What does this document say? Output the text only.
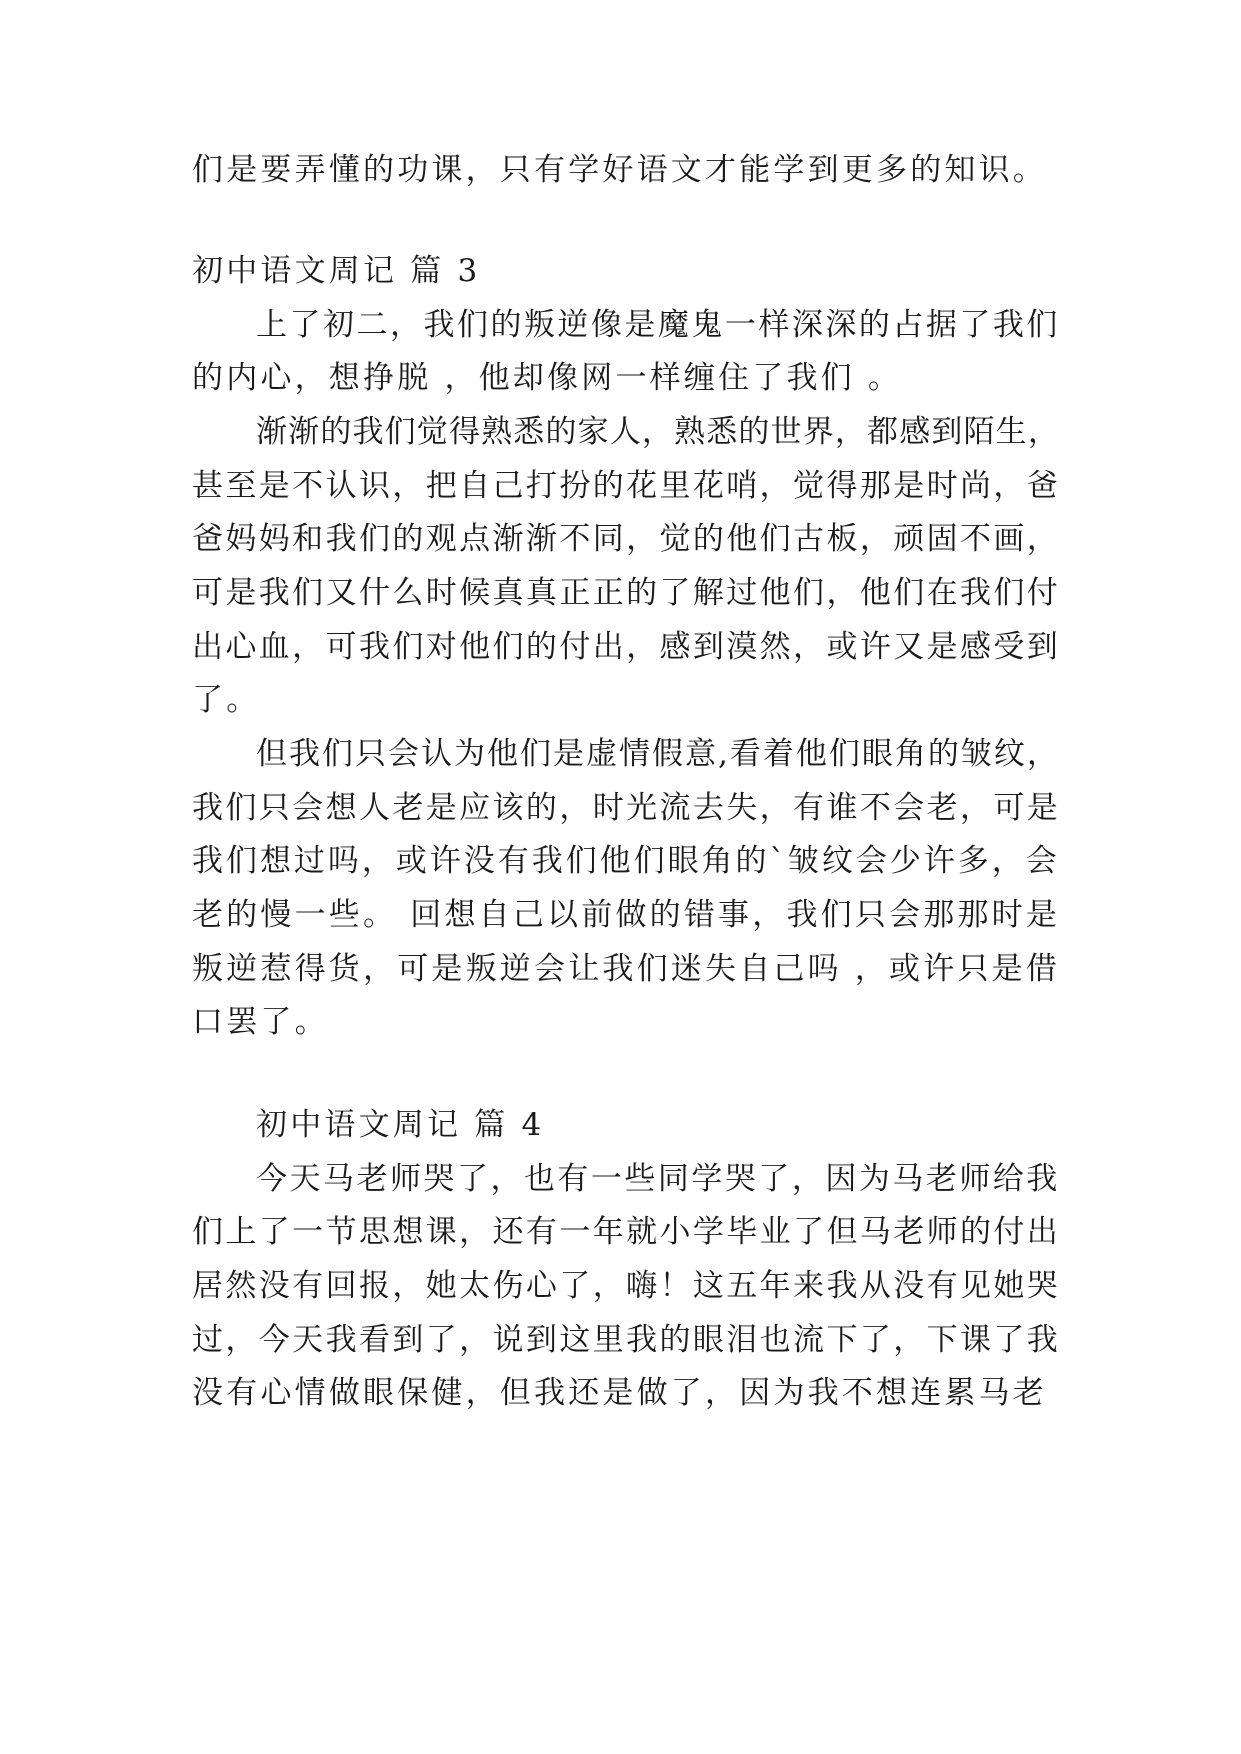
们是要弄懂的功课，只有学好语文才能学到更多的知识。
初中语文周记 篇 3
上了初二，我们的叛逆像是魔鬼一样深深的占据了我们
的内心，想挣脱 ，他却像网一样缠住了我们 。
渐渐的我们觉得熟悉的家人，熟悉的世界，都感到陌生，
甚至是不认识，把自己打扮的花里花哨，觉得那是时尚，爸
爸妈妈和我们的观点渐渐不同，觉的他们古板，顽固不画，
可是我们又什么时候真真正正的了解过他们，他们在我们付
出心血，可我们对他们的付出，感到漠然，或许又是感受到
了。
但我们只会认为他们是虚情假意,看着他们眼角的皱纹，
我们只会想人老是应该的，时光流去失，有谁不会老，可是
我们想过吗，或许没有我们他们眼角的`皱纹会少许多，会
老的慢一些。 回想自己以前做的错事，我们只会那那时是
叛逆惹得货，可是叛逆会让我们迷失自己吗 ，或许只是借
口罢了。
初中语文周记 篇 4
今天马老师哭了，也有一些同学哭了，因为马老师给我
们上了一节思想课，还有一年就小学毕业了但马老师的付出
居然没有回报，她太伤心了，嗨！这五年来我从没有见她哭
过，今天我看到了，说到这里我的眼泪也流下了，下课了我
没有心情做眼保健，但我还是做了，因为我不想连累马老
